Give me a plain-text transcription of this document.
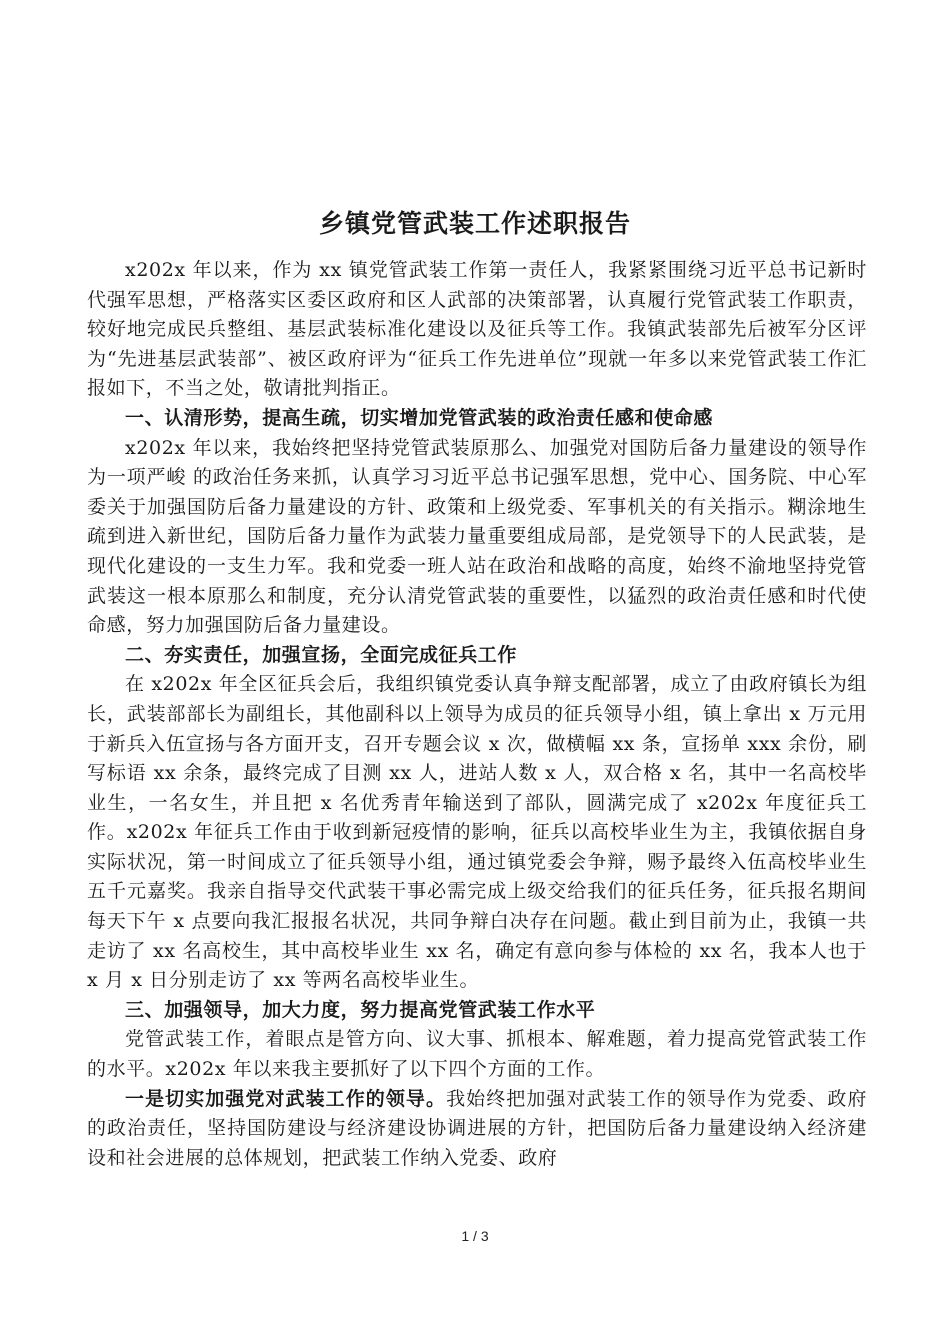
乡镇党管武装工作述职报告

x202x 年以来，作为 xx 镇党管武装工作第一责任人，我紧紧围绕习近平总书记新时代强军思想，严格落实区委区政府和区人武部的决策部署，认真履行党管武装工作职责，较好地完成民兵整组、基层武装标准化建设以及征兵等工作。我镇武装部先后被军分区评为“先进基层武装部”、被区政府评为“征兵工作先进单位”现就一年多以来党管武装工作汇报如下，不当之处，敬请批判指正。

一、认清形势，提高生疏，切实增加党管武装的政治责任感和使命感

x202x 年以来，我始终把坚持党管武装原那么、加强党对国防后备力量建设的领导作为一项严峻 的政治任务来抓，认真学习习近平总书记强军思想，党中心、国务院、中心军委关于加强国防后备力量建设的方针、政策和上级党委、军事机关的有关指示。糊涂地生疏到进入新世纪，国防后备力量作为武装力量重要组成局部，是党领导下的人民武装，是现代化建设的一支生力军。我和党委一班人站在政治和战略的高度，始终不渝地坚持党管武装这一根本原那么和制度，充分认清党管武装的重要性，以猛烈的政治责任感和时代使命感，努力加强国防后备力量建设。

二、夯实责任，加强宣扬，全面完成征兵工作

在 x202x 年全区征兵会后，我组织镇党委认真争辩支配部署，成立了由政府镇长为组长，武装部部长为副组长，其他副科以上领导为成员的征兵领导小组，镇上拿出 x 万元用于新兵入伍宣扬与各方面开支，召开专题会议 x 次，做横幅 xx 条，宣扬单 xxx 余份，刷写标语 xx 余条，最终完成了目测 xx 人，进站人数 x 人，双合格 x 名，其中一名高校毕业生，一名女生，并且把 x 名优秀青年输送到了部队，圆满完成了 x202x 年度征兵工作。x202x 年征兵工作由于收到新冠疫情的影响，征兵以高校毕业生为主，我镇依据自身实际状况，第一时间成立了征兵领导小组，通过镇党委会争辩，赐予最终入伍高校毕业生五千元嘉奖。我亲自指导交代武装干事必需完成上级交给我们的征兵任务，征兵报名期间每天下午 x 点要向我汇报报名状况，共同争辩白决存在问题。截止到目前为止，我镇一共走访了 xx 名高校生，其中高校毕业生 xx 名，确定有意向参与体检的 xx 名，我本人也于 x 月 x 日分别走访了 xx 等两名高校毕业生。

三、加强领导，加大力度，努力提高党管武装工作水平

党管武装工作，着眼点是管方向、议大事、抓根本、解难题，着力提高党管武装工作的水平。x202x 年以来我主要抓好了以下四个方面的工作。

一是切实加强党对武装工作的领导。我始终把加强对武装工作的领导作为党委、政府的政治责任，坚持国防建设与经济建设协调进展的方针，把国防后备力量建设纳入经济建设和社会进展的总体规划，把武装工作纳入党委、政府

1 / 3
